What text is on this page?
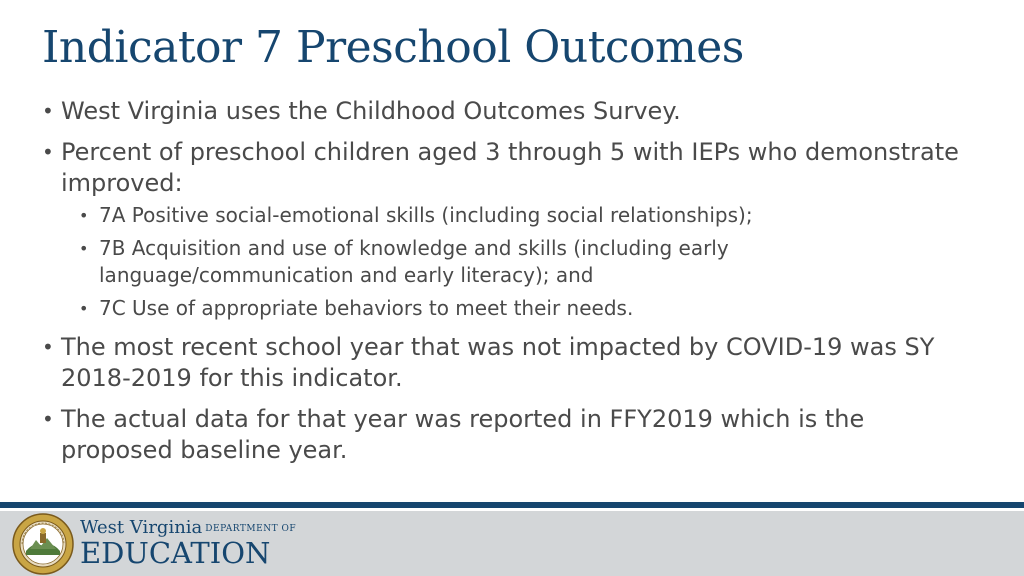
Indicator 7 Preschool Outcomes
• West Virginia uses the Childhood Outcomes Survey.
• Percent of preschool children aged 3 through 5 with IEPs who demonstrate improved:
• 7A Positive social-emotional skills (including social relationships);
• 7B Acquisition and use of knowledge and skills (including early language/communication and early literacy); and
• 7C Use of appropriate behaviors to meet their needs.
• The most recent school year that was not impacted by COVID-19 was SY 2018-2019 for this indicator.
• The actual data for that year was reported in FFY2019 which is the proposed baseline year.
West Virginia DEPARTMENT OF
EDUCATION
